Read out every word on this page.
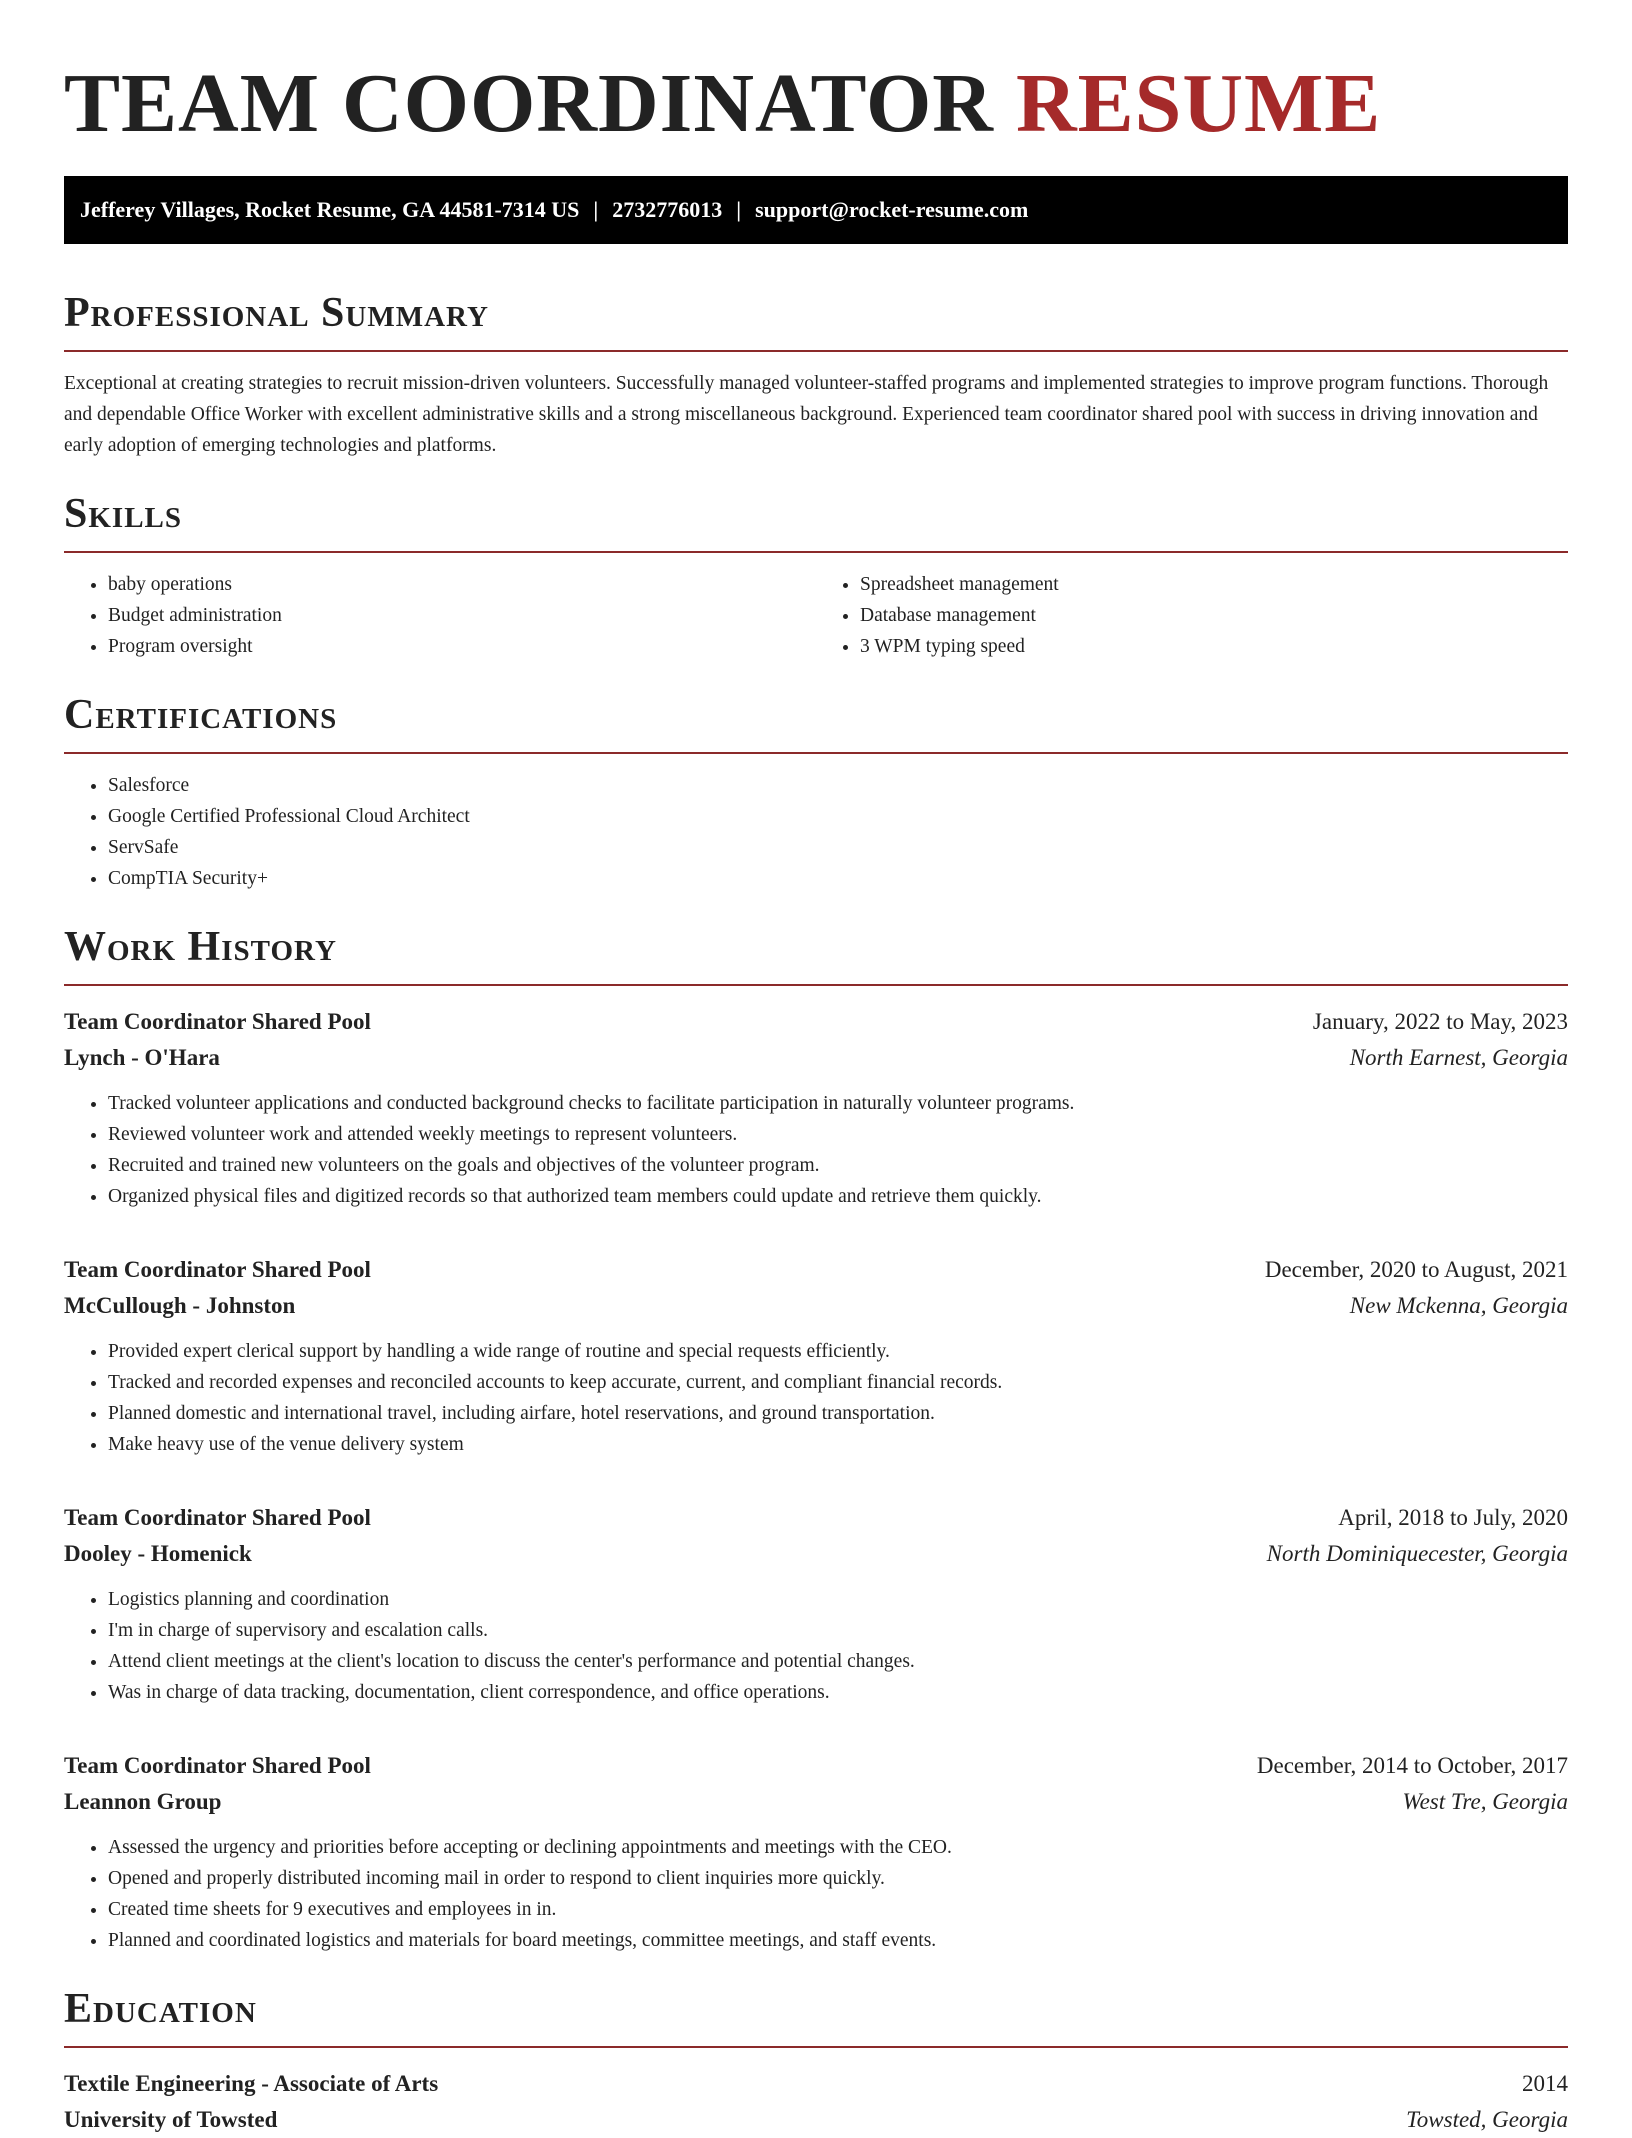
TEAM COORDINATOR RESUME
Jefferey Villages, Rocket Resume, GA 44581-7314 US | 2732776013 | support@rocket-resume.com
Professional Summary

Exceptional at creating strategies to recruit mission-driven volunteers. Successfully managed volunteer-staffed programs and implemented strategies to improve program functions. Thorough and dependable Office Worker with excellent administrative skills and a strong miscellaneous background. Experienced team coordinator shared pool with success in driving innovation and early adoption of emerging technologies and platforms.

Skills
• baby operations
• Budget administration
• Program oversight
• Spreadsheet management
• Database management
• 3 WPM typing speed
Certifications
• Salesforce
• Google Certified Professional Cloud Architect
• ServSafe
• CompTIA Security+
Work History
Team Coordinator Shared Pool	January, 2022 to May, 2023
Lynch - O'Hara	North Earnest, Georgia
• Tracked volunteer applications and conducted background checks to facilitate participation in naturally volunteer programs.
• Reviewed volunteer work and attended weekly meetings to represent volunteers.
• Recruited and trained new volunteers on the goals and objectives of the volunteer program.
• Organized physical files and digitized records so that authorized team members could update and retrieve them quickly.
Team Coordinator Shared Pool	December, 2020 to August, 2021
McCullough - Johnston	New Mckenna, Georgia
• Provided expert clerical support by handling a wide range of routine and special requests efficiently.
• Tracked and recorded expenses and reconciled accounts to keep accurate, current, and compliant financial records.
• Planned domestic and international travel, including airfare, hotel reservations, and ground transportation.
• Make heavy use of the venue delivery system
Team Coordinator Shared Pool	April, 2018 to July, 2020
Dooley - Homenick	North Dominiquecester, Georgia
• Logistics planning and coordination
• I'm in charge of supervisory and escalation calls.
• Attend client meetings at the client's location to discuss the center's performance and potential changes.
• Was in charge of data tracking, documentation, client correspondence, and office operations.
Team Coordinator Shared Pool	December, 2014 to October, 2017
Leannon Group	West Tre, Georgia
• Assessed the urgency and priorities before accepting or declining appointments and meetings with the CEO.
• Opened and properly distributed incoming mail in order to respond to client inquiries more quickly.
• Created time sheets for 9 executives and employees in in.
• Planned and coordinated logistics and materials for board meetings, committee meetings, and staff events.
Education
Textile Engineering - Associate of Arts	2014
University of Towsted	Towsted, Georgia
